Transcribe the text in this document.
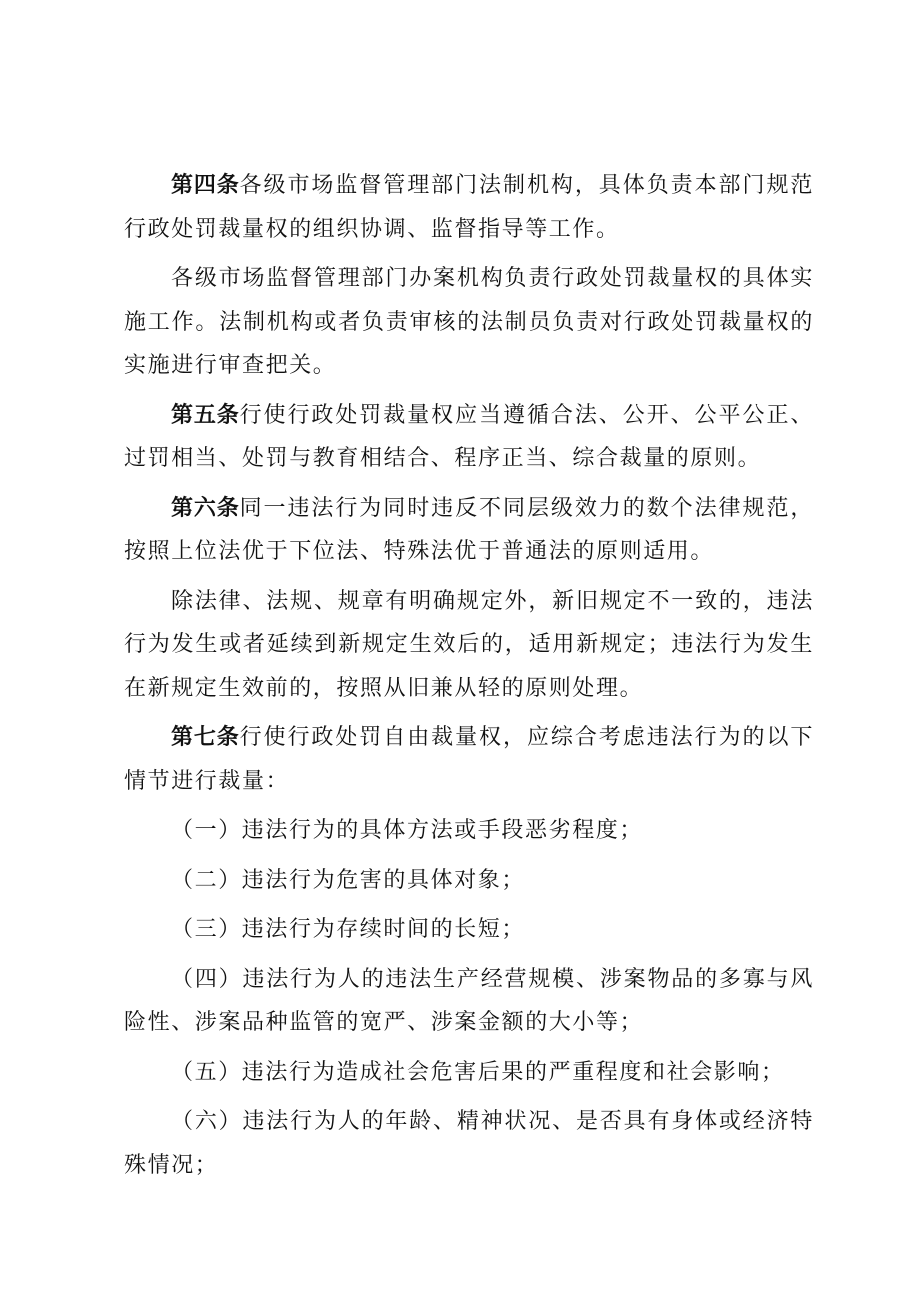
第四条各级市场监督管理部门法制机构，具体负责本部门规范行政处罚裁量权的组织协调、监督指导等工作。

各级市场监督管理部门办案机构负责行政处罚裁量权的具体实施工作。法制机构或者负责审核的法制员负责对行政处罚裁量权的实施进行审查把关。

第五条行使行政处罚裁量权应当遵循合法、公开、公平公正、过罚相当、处罚与教育相结合、程序正当、综合裁量的原则。

第六条同一违法行为同时违反不同层级效力的数个法律规范，按照上位法优于下位法、特殊法优于普通法的原则适用。

除法律、法规、规章有明确规定外，新旧规定不一致的，违法行为发生或者延续到新规定生效后的，适用新规定；违法行为发生在新规定生效前的，按照从旧兼从轻的原则处理。

第七条行使行政处罚自由裁量权，应综合考虑违法行为的以下情节进行裁量：

（一）违法行为的具体方法或手段恶劣程度；

（二）违法行为危害的具体对象；

（三）违法行为存续时间的长短；

（四）违法行为人的违法生产经营规模、涉案物品的多寡与风险性、涉案品种监管的宽严、涉案金额的大小等；

（五）违法行为造成社会危害后果的严重程度和社会影响；

（六）违法行为人的年龄、精神状况、是否具有身体或经济特殊情况；
